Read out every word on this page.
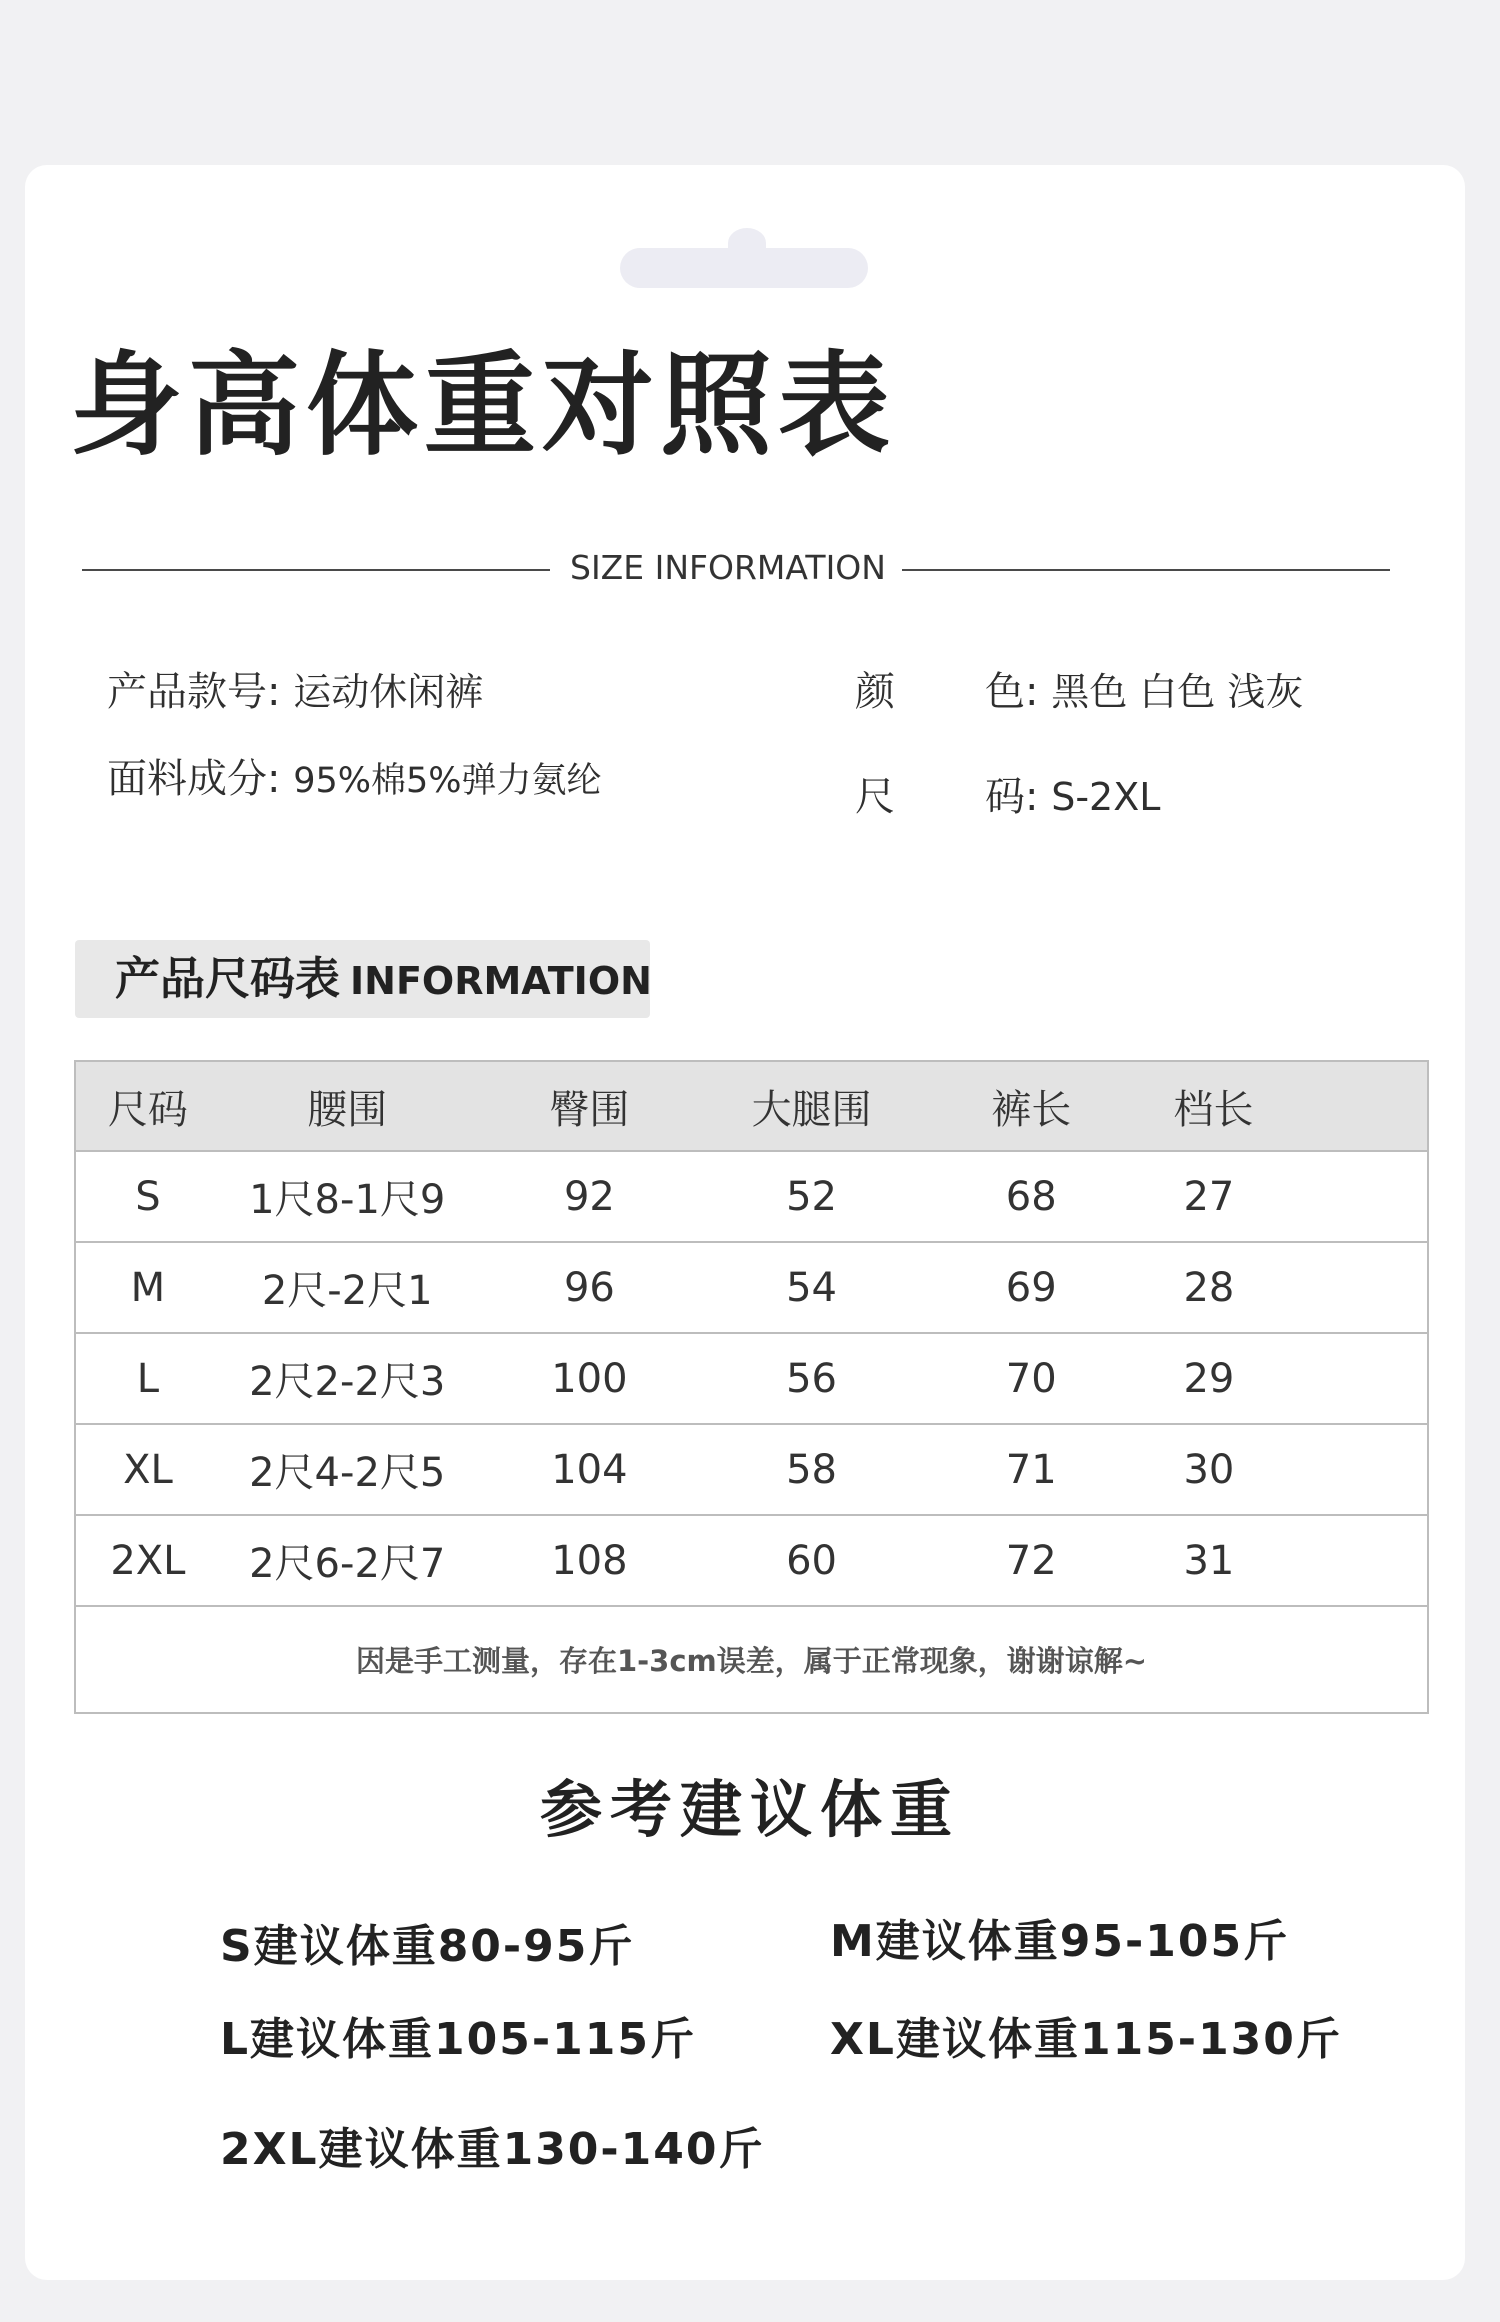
身高体重对照表
SIZE INFORMATION
产品款号: 运动休闲裤
面料成分: 95%棉5%弹力氨纶
颜 色: 黑色 白色 浅灰
尺 码: S-2XL
产品尺码表 INFORMATION
尺码	腰围	臀围	大腿围	裤长	档长
S	1尺8-1尺9	92	52	68	27
M	2尺-2尺1	96	54	69	28
L	2尺2-2尺3	100	56	70	29
XL	2尺4-2尺5	104	58	71	30
2XL	2尺6-2尺7	108	60	72	31
因是手工测量，存在1-3cm误差，属于正常现象，谢谢谅解~					
参考建议体重
S建议体重80-95斤	M建议体重95-105斤
L建议体重105-115斤	XL建议体重115-130斤
2XL建议体重130-140斤
